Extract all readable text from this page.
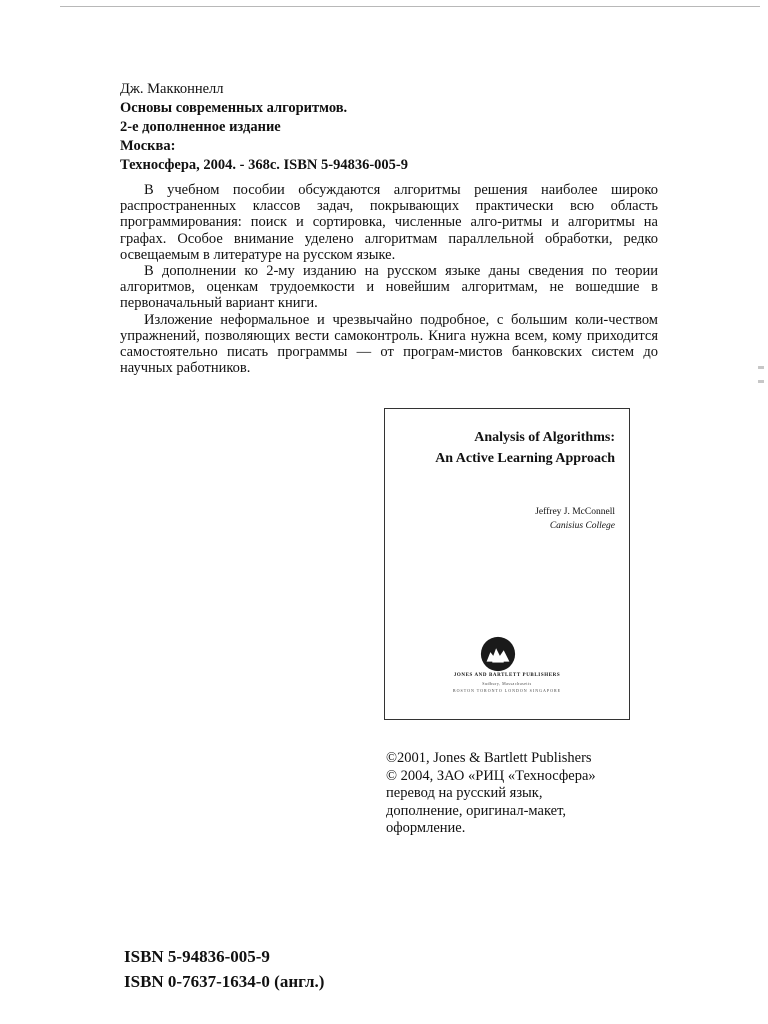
Дж. Макконнелл
Основы современных алгоритмов.
2-е дополненное издание
Москва:
Техносфера, 2004. - 368с. ISBN 5-94836-005-9

В учебном пособии обсуждаются алгоритмы решения наиболее широко распространенных классов задач, покрывающих практически всю область программирования: поиск и сортировка, численные алго-ритмы и алгоритмы на графах. Особое внимание уделено алгоритмам параллельной обработки, редко освещаемым в литературе на русском языке.

В дополнении ко 2-му изданию на русском языке даны сведения по теории алгоритмов, оценкам трудоемкости и новейшим алгоритмам, не вошедшие в первоначальный вариант книги.

Изложение неформальное и чрезвычайно подробное, с большим коли-чеством упражнений, позволяющих вести самоконтроль. Книга нужна всем, кому приходится самостоятельно писать программы — от програм-мистов банковских систем до научных работников.

Analysis of Algorithms:
An Active Learning Approach
Jeffrey J. McConnell
Canisius College
JONES AND BARTLETT PUBLISHERS
Sudbury, Massachusetts
BOSTON TORONTO LONDON SINGAPORE
©2001, Jones & Bartlett Publishers
© 2004, ЗАО «РИЦ «Техносфера»
перевод на русский язык,
дополнение, оригинал-макет,
оформление.
ISBN 5-94836-005-9
ISBN 0-7637-1634-0 (англ.)
